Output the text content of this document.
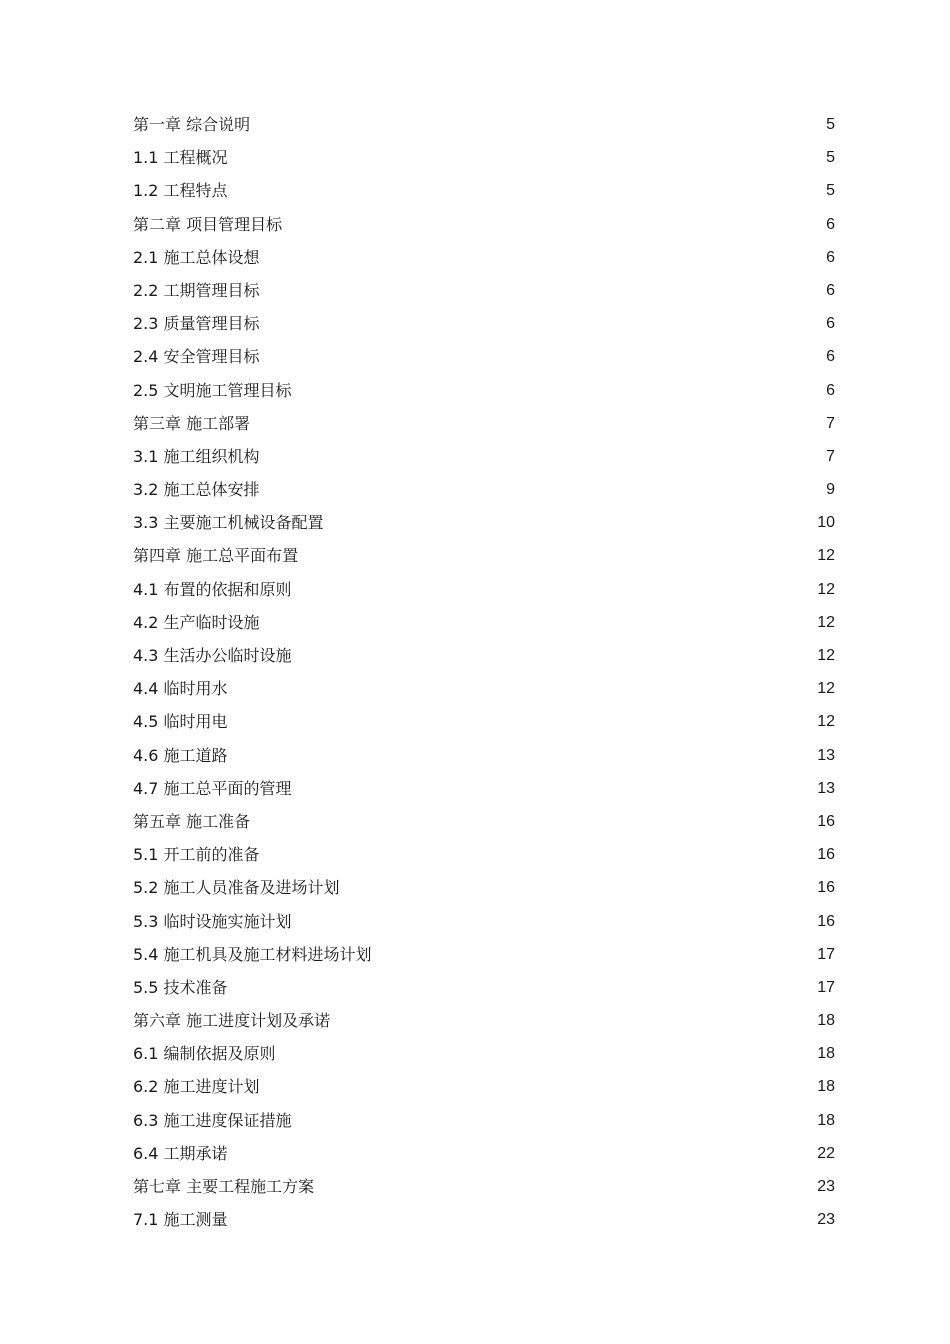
第一章 综合说明	5
1.1 工程概况	5
1.2 工程特点	5
第二章 项目管理目标	6
2.1 施工总体设想	6
2.2 工期管理目标	6
2.3 质量管理目标	6
2.4 安全管理目标	6
2.5 文明施工管理目标	6
第三章 施工部署	7
3.1 施工组织机构	7
3.2 施工总体安排	9
3.3 主要施工机械设备配置	10
第四章 施工总平面布置	12
4.1 布置的依据和原则	12
4.2 生产临时设施	12
4.3 生活办公临时设施	12
4.4 临时用水	12
4.5 临时用电	12
4.6 施工道路	13
4.7 施工总平面的管理	13
第五章 施工准备	16
5.1 开工前的准备	16
5.2 施工人员准备及进场计划	16
5.3 临时设施实施计划	16
5.4 施工机具及施工材料进场计划	17
5.5 技术准备	17
第六章 施工进度计划及承诺	18
6.1 编制依据及原则	18
6.2 施工进度计划	18
6.3 施工进度保证措施	18
6.4 工期承诺	22
第七章 主要工程施工方案	23
7.1 施工测量	23
